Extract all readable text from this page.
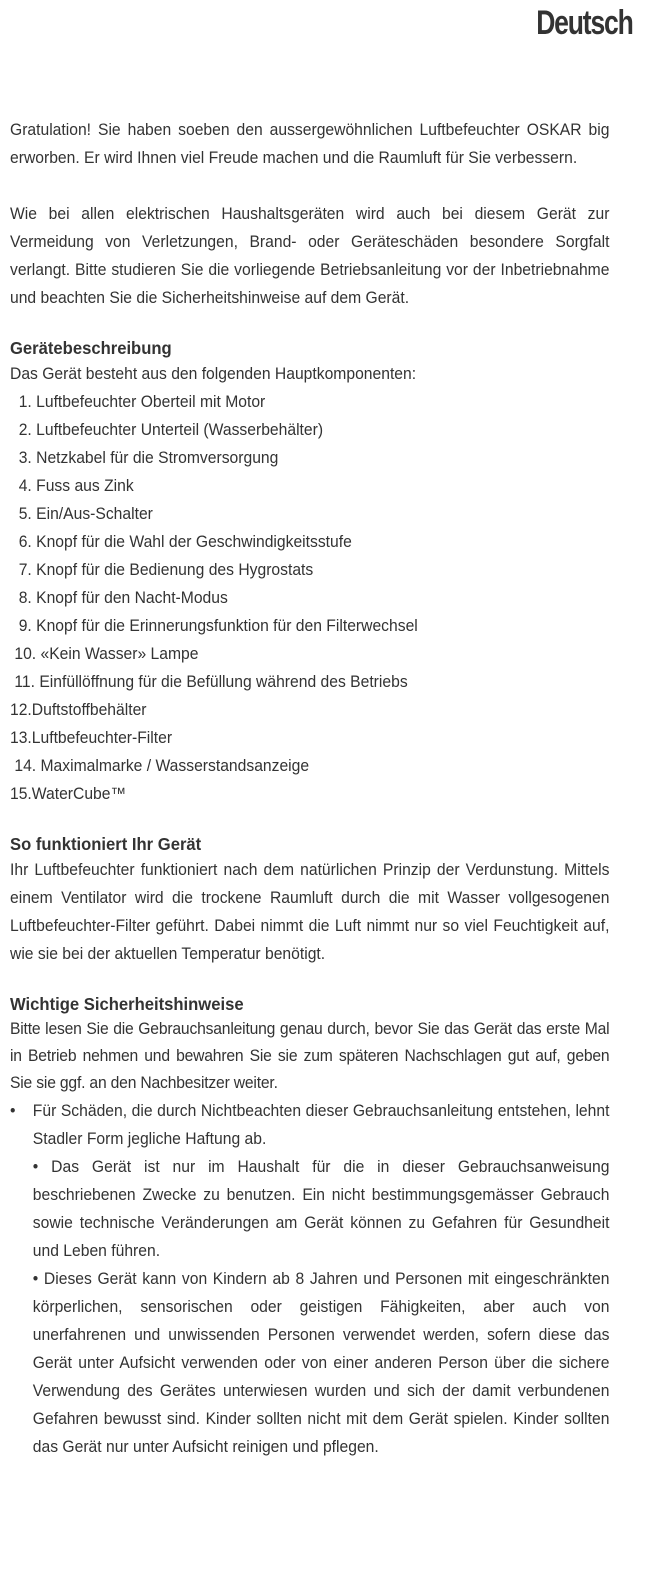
Deutsch

Gratulation! Sie haben soeben den aussergewöhnlichen Luftbefeuchter OSKAR big erworben. Er wird Ihnen viel Freude machen und die Raumluft für Sie verbessern.

Wie bei allen elektrischen Haushaltsgeräten wird auch bei diesem Gerät zur Vermeidung von Verletzungen, Brand- oder Geräteschäden besondere Sorgfalt verlangt. Bitte studieren Sie die vorliegende Betriebsanleitung vor der Inbetriebnahme und beachten Sie die Sicherheitshinweise auf dem Gerät.

Gerätebeschreibung

Das Gerät besteht aus den folgenden Hauptkomponenten:

1. Luftbefeuchter Oberteil mit Motor
2. Luftbefeuchter Unterteil (Wasserbehälter)
3. Netzkabel für die Stromversorgung
4. Fuss aus Zink
5. Ein/Aus-Schalter
6. Knopf für die Wahl der Geschwindigkeitsstufe
7. Knopf für die Bedienung des Hygrostats
8. Knopf für den Nacht-Modus
9. Knopf für die Erinnerungsfunktion für den Filterwechsel
10. «Kein Wasser» Lampe
11. Einfüllöffnung für die Befüllung während des Betriebs
12.Duftstoffbehälter
13.Luftbefeuchter-Filter
14. Maximalmarke / Wasserstandsanzeige
15.WaterCube™
So funktioniert Ihr Gerät

Ihr Luftbefeuchter funktioniert nach dem natürlichen Prinzip der Verdunstung. Mittels einem Ventilator wird die trockene Raumluft durch die mit Wasser vollgesogenen Luftbefeuchter-Filter geführt. Dabei nimmt die Luft nimmt nur so viel Feuchtigkeit auf, wie sie bei der aktuellen Temperatur benötigt.

Wichtige Sicherheitshinweise

Bitte lesen Sie die Gebrauchsanleitung genau durch, bevor Sie das Gerät das erste Mal in Betrieb nehmen und bewahren Sie sie zum späteren Nachschlagen gut auf, geben Sie sie ggf. an den Nachbesitzer weiter.

• Für Schäden, die durch Nichtbeachten dieser Gebrauchsanleitung entstehen, lehnt Stadler Form jegliche Haftung ab.
• Das Gerät ist nur im Haushalt für die in dieser Gebrauchsanweisung beschriebenen Zwecke zu benutzen. Ein nicht bestimmungsgemässer Gebrauch sowie technische Veränderungen am Gerät können zu Gefahren für Gesundheit und Leben führen.
• Dieses Gerät kann von Kindern ab 8 Jahren und Personen mit eingeschränkten körperlichen, sensorischen oder geistigen Fähigkeiten, aber auch von unerfahrenen und unwissenden Personen verwendet werden, sofern diese das Gerät unter Aufsicht verwenden oder von einer anderen Person über die sichere Verwendung des Gerätes unterwiesen wurden und sich der damit verbundenen Gefahren bewusst sind. Kinder sollten nicht mit dem Gerät spielen. Kinder sollten das Gerät nur unter Aufsicht reinigen und pflegen.
